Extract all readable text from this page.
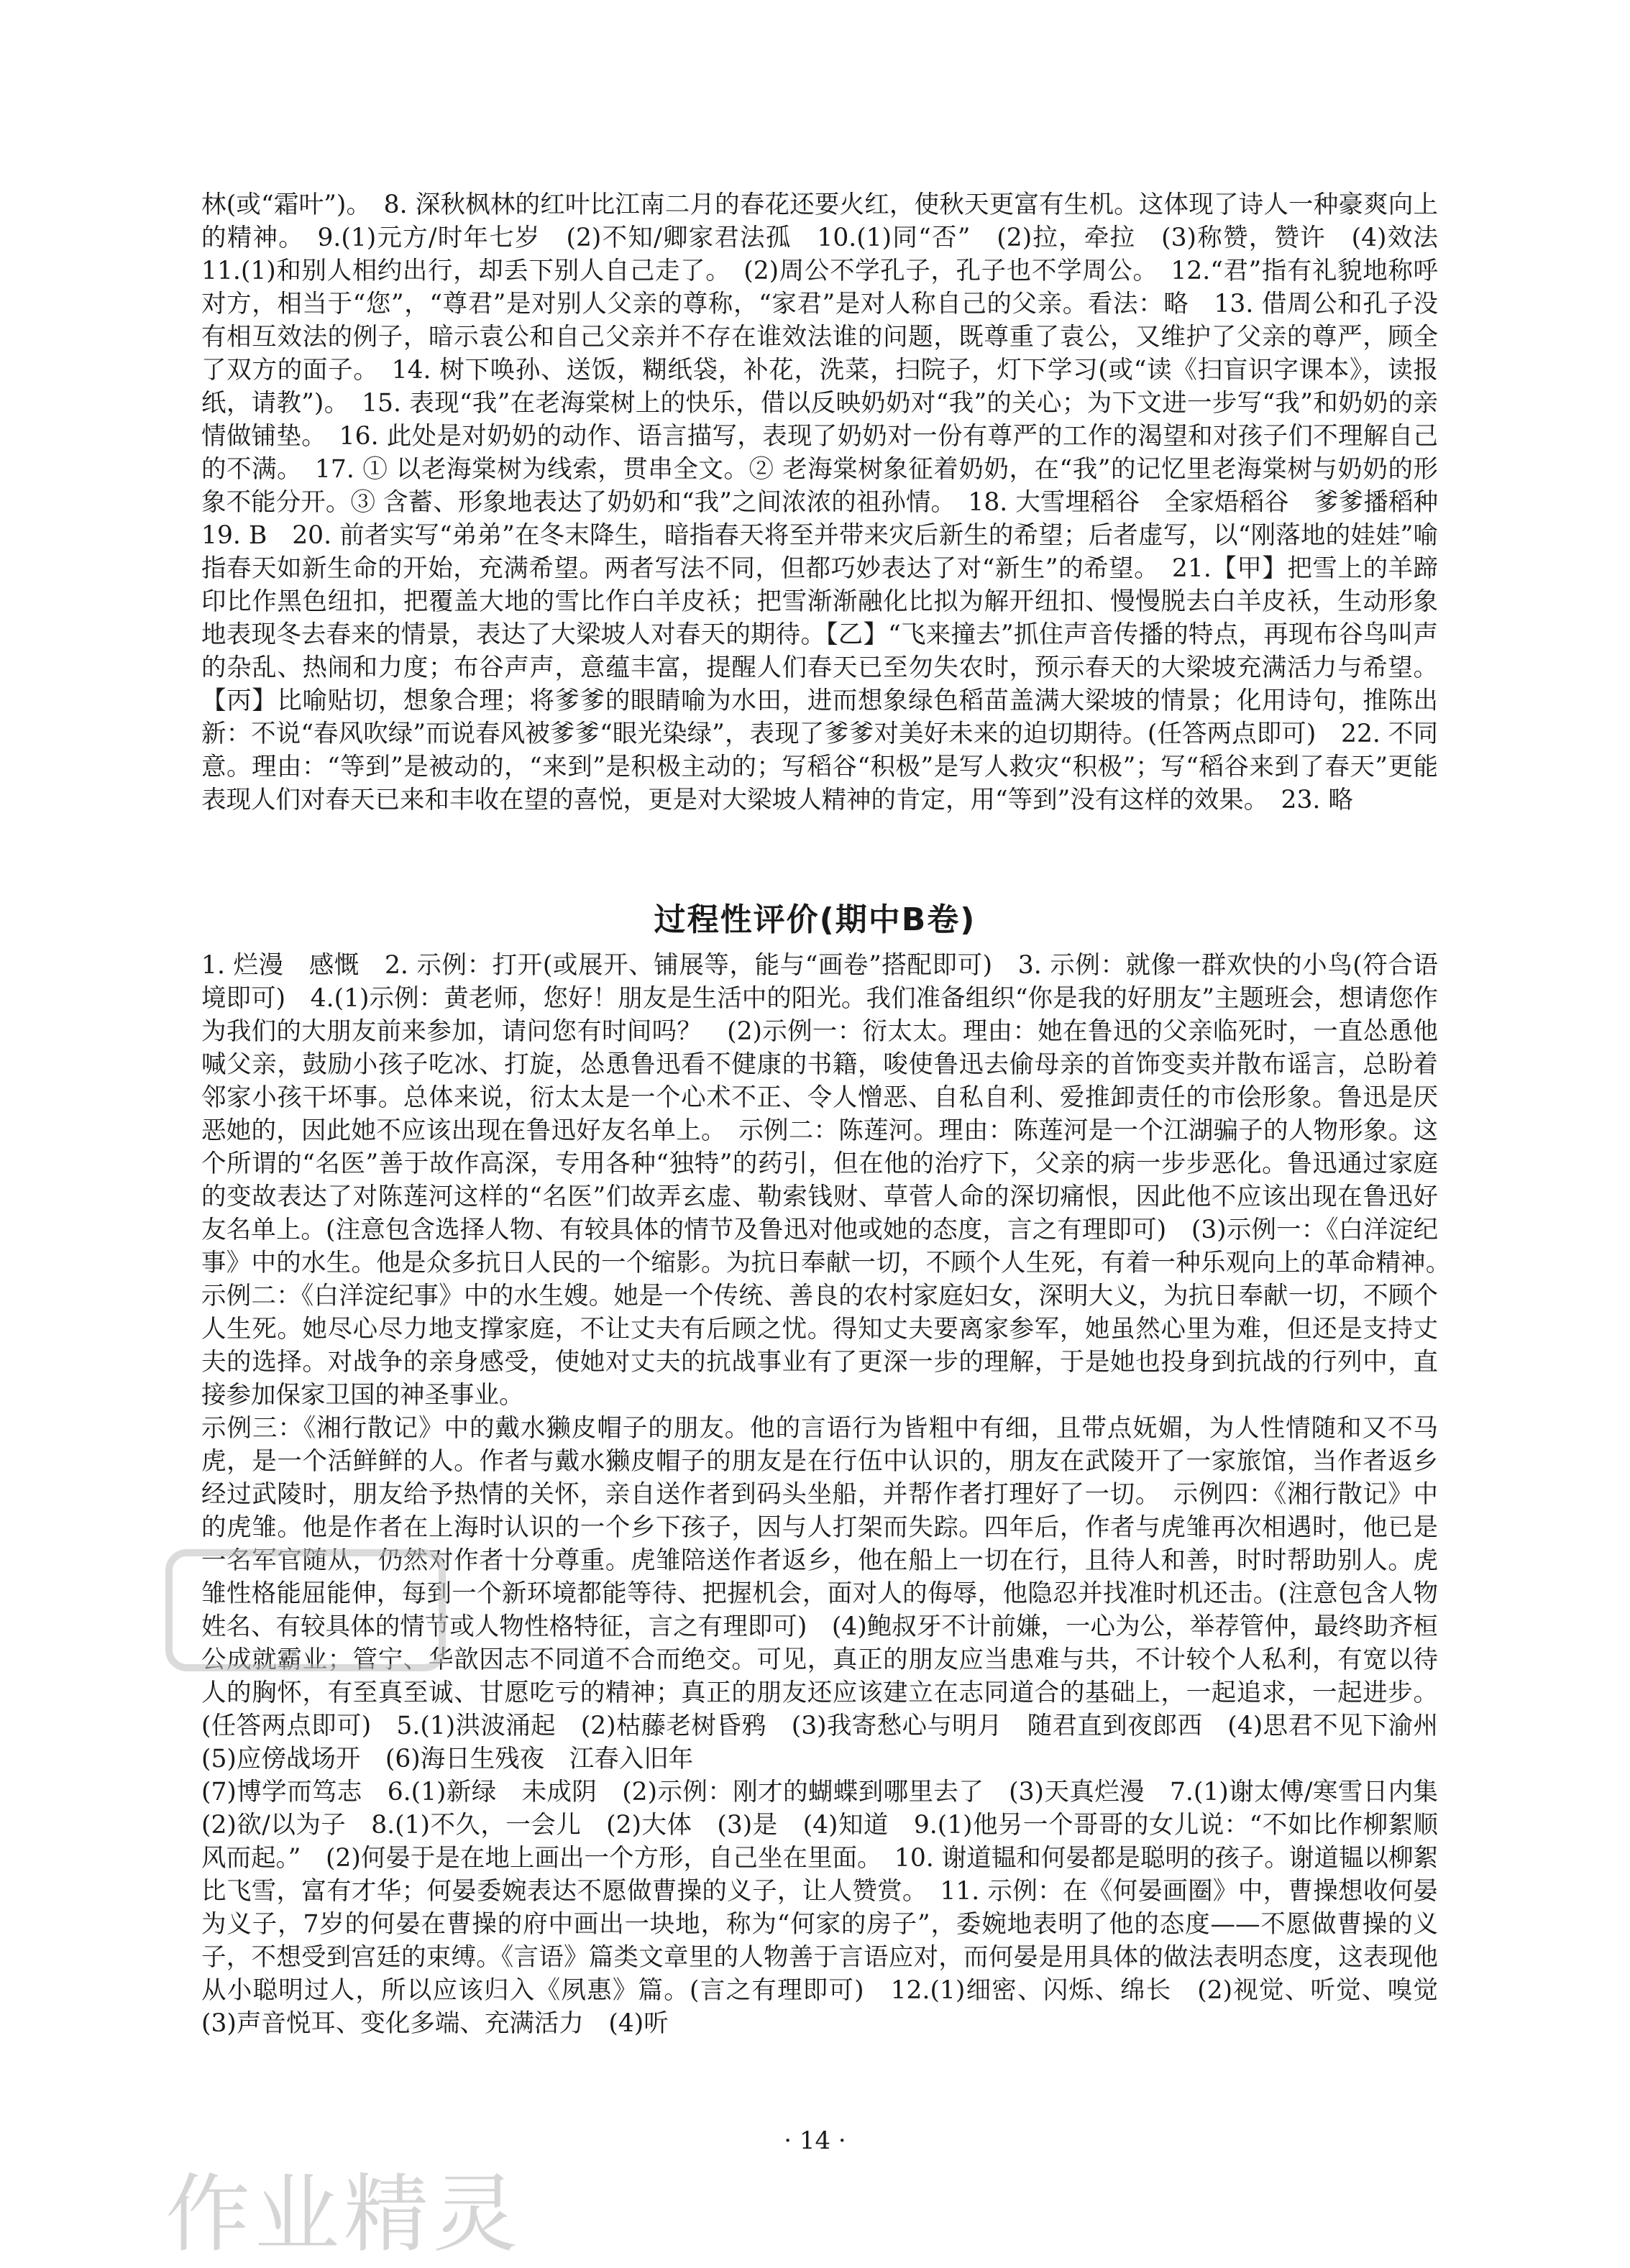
林(或“霜叶”)。　8. 深秋枫林的红叶比江南二月的春花还要火红，使秋天更富有生机。这体现了诗人一种豪爽向上的精神。　9.(1)元方/时年七岁　(2)不知/卿家君法孤　10.(1)同“否”　(2)拉，牵拉　(3)称赞，赞许　(4)效法　11.(1)和别人相约出行，却丢下别人自己走了。　(2)周公不学孔子，孔子也不学周公。　12.“君”指有礼貌地称呼对方，相当于“您”，“尊君”是对别人父亲的尊称，“家君”是对人称自己的父亲。看法：略　13. 借周公和孔子没有相互效法的例子，暗示袁公和自己父亲并不存在谁效法谁的问题，既尊重了袁公，又维护了父亲的尊严，顾全了双方的面子。　14. 树下唤孙、送饭，糊纸袋，补花，洗菜，扫院子，灯下学习(或“读《扫盲识字课本》，读报纸，请教”)。　15. 表现“我”在老海棠树上的快乐，借以反映奶奶对“我”的关心；为下文进一步写“我”和奶奶的亲情做铺垫。　16. 此处是对奶奶的动作、语言描写，表现了奶奶对一份有尊严的工作的渴望和对孩子们不理解自己的不满。　17. ① 以老海棠树为线索，贯串全文。② 老海棠树象征着奶奶，在“我”的记忆里老海棠树与奶奶的形象不能分开。③ 含蓄、形象地表达了奶奶和“我”之间浓浓的祖孙情。　18. 大雪埋稻谷　全家焐稻谷　爹爹播稻种　19. B　20. 前者实写“弟弟”在冬末降生，暗指春天将至并带来灾后新生的希望；后者虚写，以“刚落地的娃娃”喻指春天如新生命的开始，充满希望。两者写法不同，但都巧妙表达了对“新生”的希望。　21.【甲】把雪上的羊蹄印比作黑色纽扣，把覆盖大地的雪比作白羊皮袄；把雪渐渐融化比拟为解开纽扣、慢慢脱去白羊皮袄，生动形象地表现冬去春来的情景，表达了大梁坡人对春天的期待。【乙】“飞来撞去”抓住声音传播的特点，再现布谷鸟叫声的杂乱、热闹和力度；布谷声声，意蕴丰富，提醒人们春天已至勿失农时，预示春天的大梁坡充满活力与希望。【丙】比喻贴切，想象合理；将爹爹的眼睛喻为水田，进而想象绿色稻苗盖满大梁坡的情景；化用诗句，推陈出新：不说“春风吹绿”而说春风被爹爹“眼光染绿”，表现了爹爹对美好未来的迫切期待。(任答两点即可)　22. 不同意。理由：“等到”是被动的，“来到”是积极主动的；写稻谷“积极”是写人救灾“积极”；写“稻谷来到了春天”更能表现人们对春天已来和丰收在望的喜悦，更是对大梁坡人精神的肯定，用“等到”没有这样的效果。　23. 略

过程性评价(期中B卷)

1. 烂漫　感慨　2. 示例：打开(或展开、铺展等，能与“画卷”搭配即可)　3. 示例：就像一群欢快的小鸟(符合语境即可)　4.(1)示例：黄老师，您好！朋友是生活中的阳光。我们准备组织“你是我的好朋友”主题班会，想请您作为我们的大朋友前来参加，请问您有时间吗？　(2)示例一：衍太太。理由：她在鲁迅的父亲临死时，一直怂恿他喊父亲，鼓励小孩子吃冰、打旋，怂恿鲁迅看不健康的书籍，唆使鲁迅去偷母亲的首饰变卖并散布谣言，总盼着邻家小孩干坏事。总体来说，衍太太是一个心术不正、令人憎恶、自私自利、爱推卸责任的市侩形象。鲁迅是厌恶她的，因此她不应该出现在鲁迅好友名单上。　示例二：陈莲河。理由：陈莲河是一个江湖骗子的人物形象。这个所谓的“名医”善于故作高深，专用各种“独特”的药引，但在他的治疗下，父亲的病一步步恶化。鲁迅通过家庭的变故表达了对陈莲河这样的“名医”们故弄玄虚、勒索钱财、草菅人命的深切痛恨，因此他不应该出现在鲁迅好友名单上。(注意包含选择人物、有较具体的情节及鲁迅对他或她的态度，言之有理即可)　(3)示例一：《白洋淀纪事》中的水生。他是众多抗日人民的一个缩影。为抗日奉献一切，不顾个人生死，有着一种乐观向上的革命精神。　示例二：《白洋淀纪事》中的水生嫂。她是一个传统、善良的农村家庭妇女，深明大义，为抗日奉献一切，不顾个人生死。她尽心尽力地支撑家庭，不让丈夫有后顾之忧。得知丈夫要离家参军，她虽然心里为难，但还是支持丈夫的选择。对战争的亲身感受，使她对丈夫的抗战事业有了更深一步的理解，于是她也投身到抗战的行列中，直接参加保家卫国的神圣事业。

示例三：《湘行散记》中的戴水獭皮帽子的朋友。他的言语行为皆粗中有细，且带点妩媚，为人性情随和又不马虎，是一个活鲜鲜的人。作者与戴水獭皮帽子的朋友是在行伍中认识的，朋友在武陵开了一家旅馆，当作者返乡经过武陵时，朋友给予热情的关怀，亲自送作者到码头坐船，并帮作者打理好了一切。　示例四：《湘行散记》中的虎雏。他是作者在上海时认识的一个乡下孩子，因与人打架而失踪。四年后，作者与虎雏再次相遇时，他已是一名军官随从，仍然对作者十分尊重。虎雏陪送作者返乡，他在船上一切在行，且待人和善，时时帮助别人。虎雏性格能屈能伸，每到一个新环境都能等待、把握机会，面对人的侮辱，他隐忍并找准时机还击。(注意包含人物姓名、有较具体的情节或人物性格特征，言之有理即可)　(4)鲍叔牙不计前嫌，一心为公，举荐管仲，最终助齐桓公成就霸业；管宁、华歆因志不同道不合而绝交。可见，真正的朋友应当患难与共，不计较个人私利，有宽以待人的胸怀，有至真至诚、甘愿吃亏的精神；真正的朋友还应该建立在志同道合的基础上，一起追求，一起进步。(任答两点即可)　5.(1)洪波涌起　(2)枯藤老树昏鸦　(3)我寄愁心与明月　随君直到夜郎西　(4)思君不见下渝州　(5)应傍战场开　(6)海日生残夜　江春入旧年

(7)博学而笃志　6.(1)新绿　未成阴　(2)示例：刚才的蝴蝶到哪里去了　(3)天真烂漫　7.(1)谢太傅/寒雪日内集　(2)欲/以为子　8.(1)不久，一会儿　(2)大体　(3)是　(4)知道　9.(1)他另一个哥哥的女儿说：“不如比作柳絮顺风而起。”　(2)何晏于是在地上画出一个方形，自己坐在里面。　10. 谢道韫和何晏都是聪明的孩子。谢道韫以柳絮比飞雪，富有才华；何晏委婉表达不愿做曹操的义子，让人赞赏。　11. 示例：在《何晏画圈》中，曹操想收何晏为义子，7岁的何晏在曹操的府中画出一块地，称为“何家的房子”，委婉地表明了他的态度——不愿做曹操的义子，不想受到宫廷的束缚。《言语》篇类文章里的人物善于言语应对，而何晏是用具体的做法表明态度，这表现他从小聪明过人，所以应该归入《夙惠》篇。(言之有理即可)　12.(1)细密、闪烁、绵长　(2)视觉、听觉、嗅觉　(3)声音悦耳、变化多端、充满活力　(4)听

· 14 ·
作业精灵
